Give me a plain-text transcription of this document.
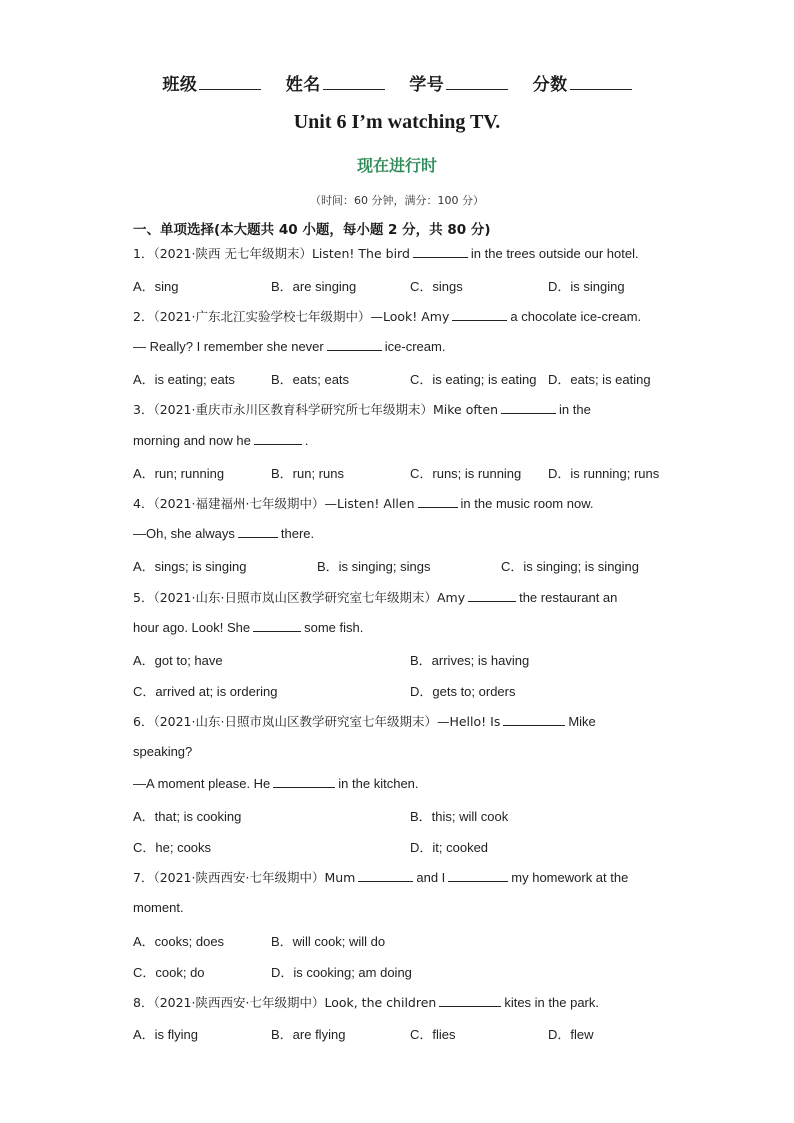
班级	姓名	学号	分数
Unit 6 I’m watching TV.
现在进行时
（时间：60 分钟，满分：100 分）
一、单项选择(本大题共 40 小题，每小题 2 分，共 80 分)
1．（2021·陕西 无七年级期末）Listen! The bird	in the trees outside our hotel.
A．sing	B．are singing	C．sings	D．is singing
2．（2021·广东北江实验学校七年级期中）—Look! Amy	a chocolate ice-cream.
— Really? I remember she never	ice-cream.
A．is eating; eats	B．eats; eats	C．is eating; is eating D．eats; is eating
3．（2021·重庆市永川区教育科学研究所七年级期末）Mike often	in the
morning and now he	.
A．run; running	B．run; runs	C．runs; is running D．is running; runs
4．（2021·福建福州·七年级期中）—Listen! Allen	in the music room now.
—Oh, she always	there.
A．sings; is singing	B．is singing; sings	C．is singing; is singing
5．（2021·山东·日照市岚山区教学研究室七年级期末）Amy	the restaurant an
hour ago. Look! She	some fish.
A．got to; have	B．arrives; is having
C．arrived at; is ordering	D．gets to; orders
6．（2021·山东·日照市岚山区教学研究室七年级期末）—Hello! Is	Mike
speaking?
—A moment please. He	in the kitchen.
A．that; is cooking	B．this; will cook
C．he; cooks	D．it; cooked
7．（2021·陕西西安·七年级期中）Mum	and I	my homework at the
moment.
A．cooks; does	B．will cook; will do
C．cook; do	D．is cooking; am doing
8．（2021·陕西西安·七年级期中）Look, the children	kites in the park.
A．is flying	B．are flying	C．flies	D．flew
